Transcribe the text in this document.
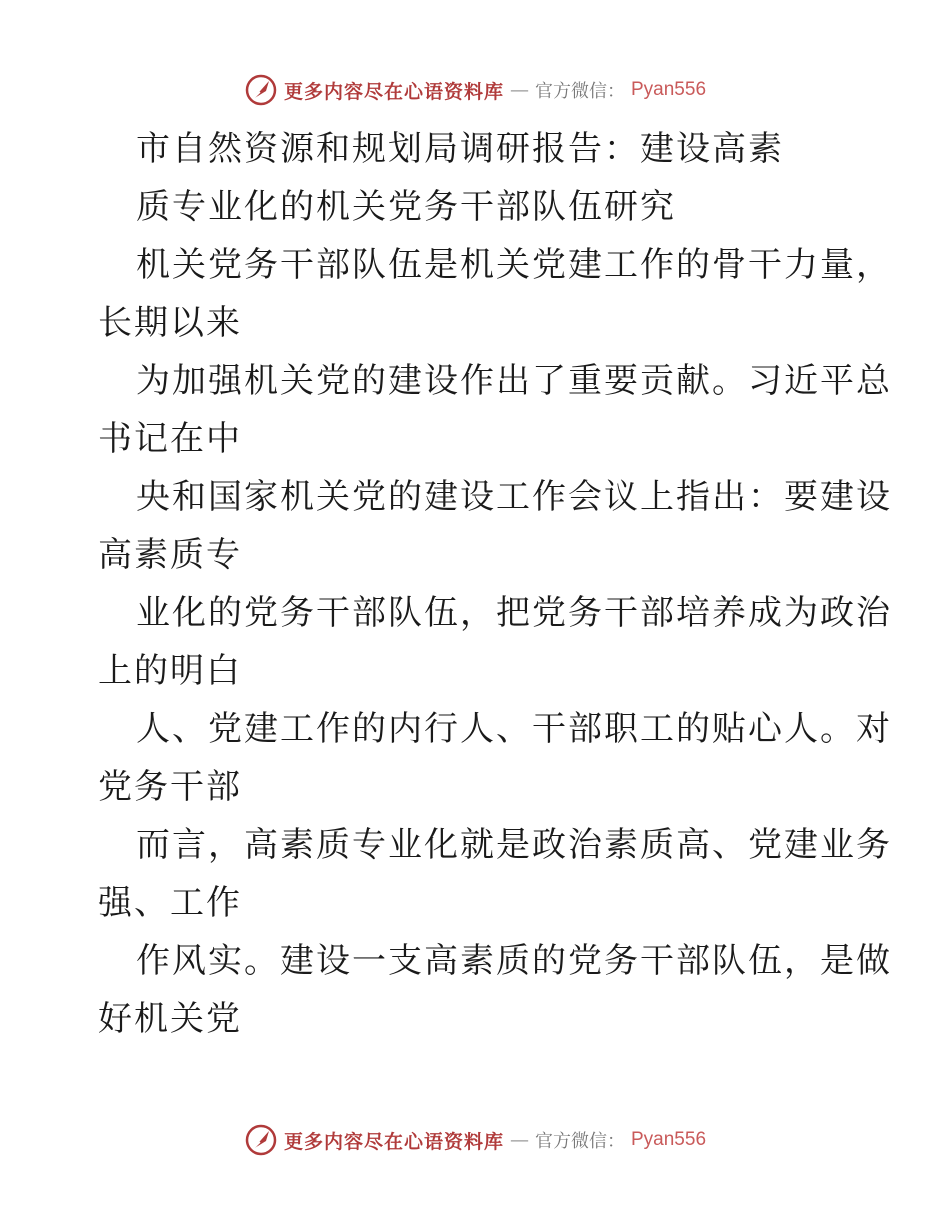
更多内容尽在心语资料库 — 官方微信： Pyan556
市自然资源和规划局调研报告：建设高素
质专业化的机关党务干部队伍研究
机关党务干部队伍是机关党建工作的骨干力量，
长期以来
为加强机关党的建设作出了重要贡献。习近平总
书记在中
央和国家机关党的建设工作会议上指出：要建设
高素质专
业化的党务干部队伍，把党务干部培养成为政治
上的明白
人、党建工作的内行人、干部职工的贴心人。对
党务干部
而言，高素质专业化就是政治素质高、党建业务
强、工作
作风实。建设一支高素质的党务干部队伍，是做
好机关党
更多内容尽在心语资料库 — 官方微信： Pyan556
